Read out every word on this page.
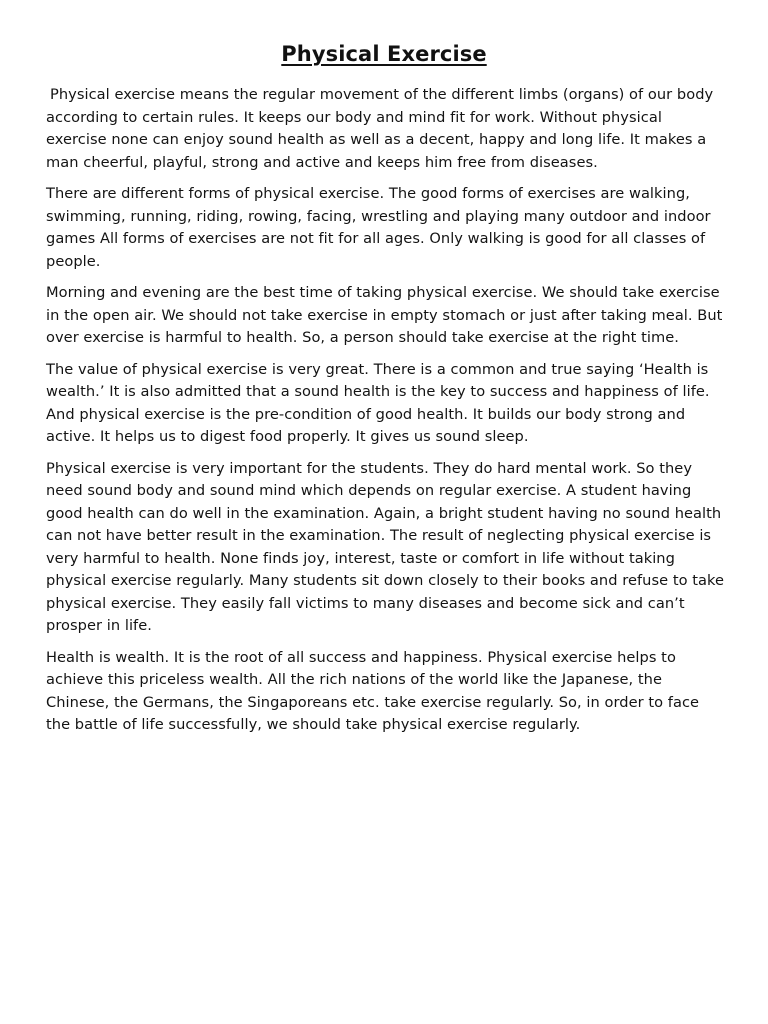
Physical Exercise

Physical exercise means the regular movement of the different limbs (organs) of our body according to certain rules. It keeps our body and mind fit for work. Without physical exercise none can enjoy sound health as well as a decent, happy and long life. It makes a man cheerful, playful, strong and active and keeps him free from diseases.

There are different forms of physical exercise. The good forms of exercises are walking, swimming, running, riding, rowing, facing, wrestling and playing many outdoor and indoor games All forms of exercises are not fit for all ages. Only walking is good for all classes of people.

Morning and evening are the best time of taking physical exercise. We should take exercise in the open air. We should not take exercise in empty stomach or just after taking meal. But over exercise is harmful to health. So, a person should take exercise at the right time.

The value of physical exercise is very great. There is a common and true saying ‘Health is wealth.’ It is also admitted that a sound health is the key to success and happiness of life. And physical exercise is the pre-condition of good health. It builds our body strong and active. It helps us to digest food properly. It gives us sound sleep.

Physical exercise is very important for the students. They do hard mental work. So they need sound body and sound mind which depends on regular exercise. A student having good health can do well in the examination. Again, a bright student having no sound health can not have better result in the examination. The result of neglecting physical exercise is very harmful to health. None finds joy, interest, taste or comfort in life without taking physical exercise regularly. Many students sit down closely to their books and refuse to take physical exercise. They easily fall victims to many diseases and become sick and can’t prosper in life.

Health is wealth. It is the root of all success and happiness. Physical exercise helps to achieve this priceless wealth. All the rich nations of the world like the Japanese, the Chinese, the Germans, the Singaporeans etc. take exercise regularly. So, in order to face the battle of life successfully, we should take physical exercise regularly.
